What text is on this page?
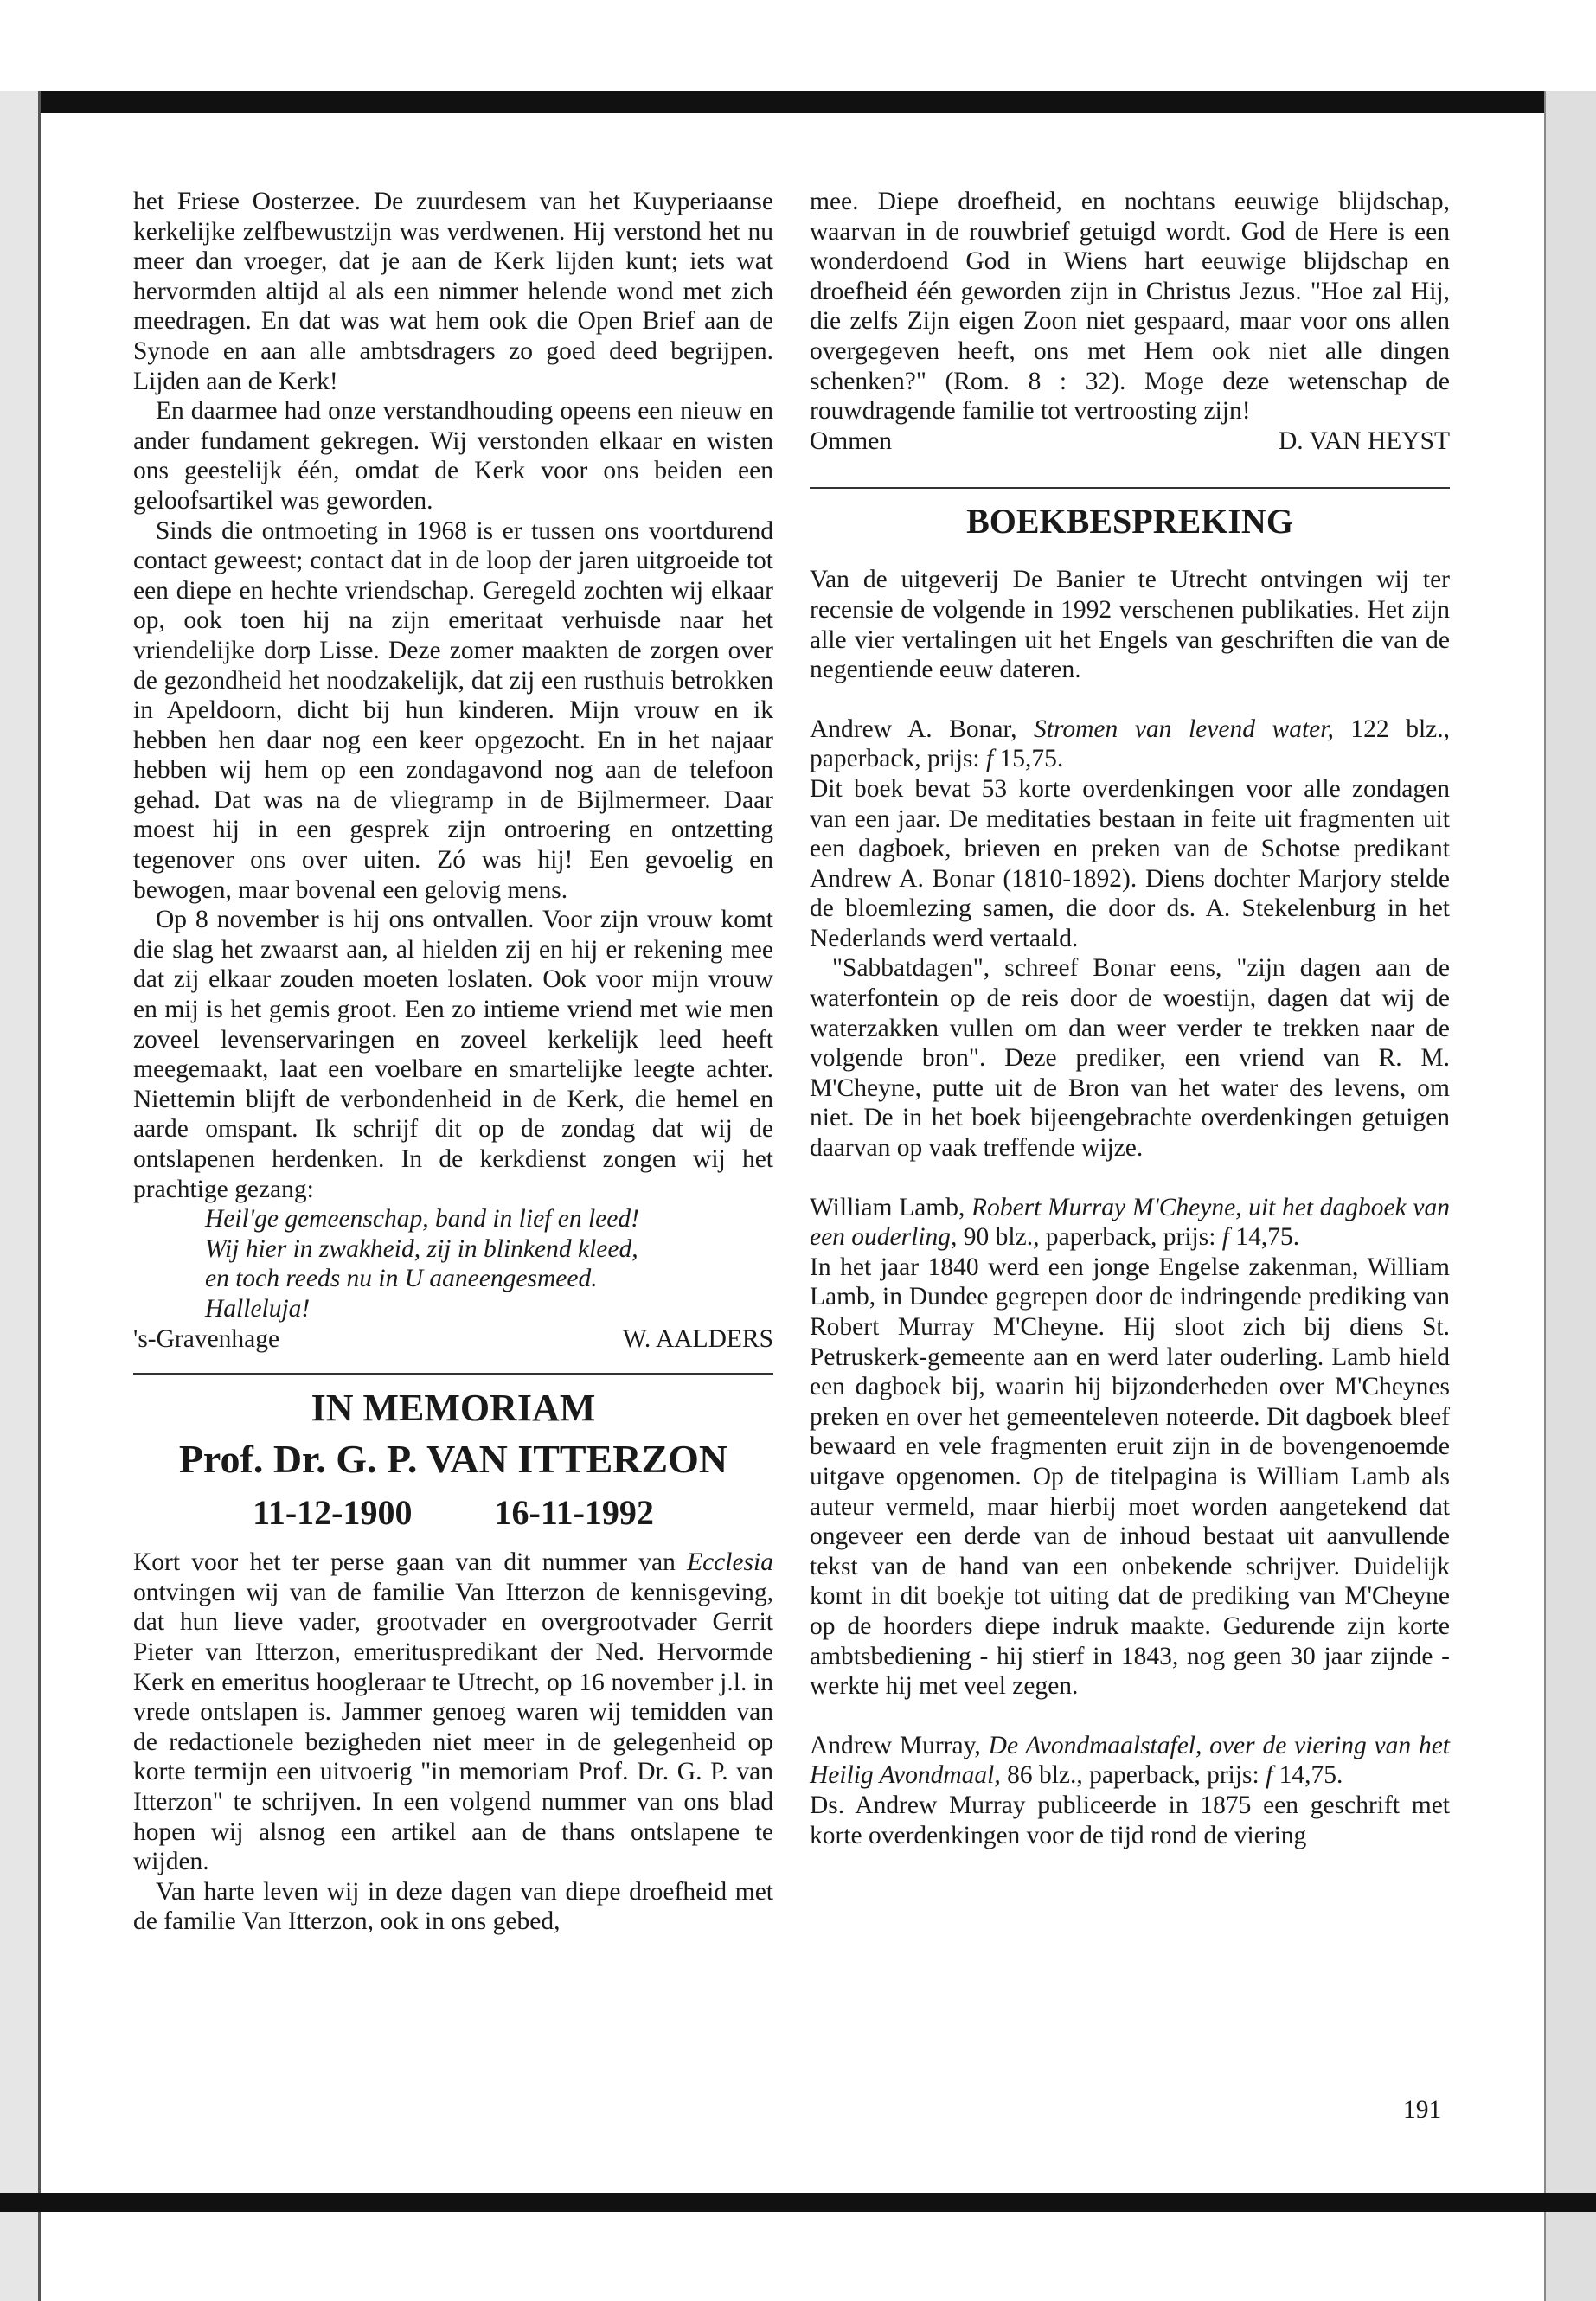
het Friese Oosterzee. De zuurdesem van het Kuyperiaanse kerkelijke zelfbewustzijn was verdwenen. Hij verstond het nu meer dan vroeger, dat je aan de Kerk lijden kunt; iets wat hervormden altijd al als een nimmer helende wond met zich meedragen. En dat was wat hem ook die Open Brief aan de Synode en aan alle ambtsdragers zo goed deed begrijpen. Lijden aan de Kerk!

En daarmee had onze verstandhouding opeens een nieuw en ander fundament gekregen. Wij verstonden elkaar en wisten ons geestelijk één, omdat de Kerk voor ons beiden een geloofsartikel was geworden.

Sinds die ontmoeting in 1968 is er tussen ons voortdurend contact geweest; contact dat in de loop der jaren uitgroeide tot een diepe en hechte vriendschap. Geregeld zochten wij elkaar op, ook toen hij na zijn emeritaat verhuisde naar het vriendelijke dorp Lisse. Deze zomer maakten de zorgen over de gezondheid het noodzakelijk, dat zij een rusthuis betrokken in Apeldoorn, dicht bij hun kinderen. Mijn vrouw en ik hebben hen daar nog een keer opgezocht. En in het najaar hebben wij hem op een zondagavond nog aan de telefoon gehad. Dat was na de vliegramp in de Bijlmermeer. Daar moest hij in een gesprek zijn ontroering en ontzetting tegenover ons over uiten. Zó was hij! Een gevoelig en bewogen, maar bovenal een gelovig mens.

Op 8 november is hij ons ontvallen. Voor zijn vrouw komt die slag het zwaarst aan, al hielden zij en hij er rekening mee dat zij elkaar zouden moeten loslaten. Ook voor mijn vrouw en mij is het gemis groot. Een zo intieme vriend met wie men zoveel levenservaringen en zoveel kerkelijk leed heeft meegemaakt, laat een voelbare en smartelijke leegte achter. Niettemin blijft de verbondenheid in de Kerk, die hemel en aarde omspant. Ik schrijf dit op de zondag dat wij de ontslapenen herdenken. In de kerkdienst zongen wij het prachtige gezang:

Heil'ge gemeenschap, band in lief en leed!

Wij hier in zwakheid, zij in blinkend kleed,

en toch reeds nu in U aaneengesmeed.

Halleluja!

's-Gravenhage	W. AALDERS
IN MEMORIAM
Prof. Dr. G. P. VAN ITTERZON
11-12-1900 16-11-1992

Kort voor het ter perse gaan van dit nummer van Ecclesia ontvingen wij van de familie Van Itterzon de kennisgeving, dat hun lieve vader, grootvader en overgrootvader Gerrit Pieter van Itterzon, emerituspredikant der Ned. Hervormde Kerk en emeritus hoogleraar te Utrecht, op 16 november j.l. in vrede ontslapen is. Jammer genoeg waren wij temidden van de redactionele bezigheden niet meer in de gelegenheid op korte termijn een uitvoerig "in memoriam Prof. Dr. G. P. van Itterzon" te schrijven. In een volgend nummer van ons blad hopen wij alsnog een artikel aan de thans ontslapene te wijden.

Van harte leven wij in deze dagen van diepe droefheid met de familie Van Itterzon, ook in ons gebed,

mee. Diepe droefheid, en nochtans eeuwige blijdschap, waarvan in de rouwbrief getuigd wordt. God de Here is een wonderdoend God in Wiens hart eeuwige blijdschap en droefheid één geworden zijn in Christus Jezus. "Hoe zal Hij, die zelfs Zijn eigen Zoon niet gespaard, maar voor ons allen overgegeven heeft, ons met Hem ook niet alle dingen schenken?" (Rom. 8 : 32). Moge deze wetenschap de rouwdragende familie tot vertroosting zijn!

Ommen	D. VAN HEYST
BOEKBESPREKING

Van de uitgeverij De Banier te Utrecht ontvingen wij ter recensie de volgende in 1992 verschenen publikaties. Het zijn alle vier vertalingen uit het Engels van geschriften die van de negentiende eeuw dateren.

Andrew A. Bonar, Stromen van levend water, 122 blz., paperback, prijs: f 15,75.

Dit boek bevat 53 korte overdenkingen voor alle zondagen van een jaar. De meditaties bestaan in feite uit fragmenten uit een dagboek, brieven en preken van de Schotse predikant Andrew A. Bonar (1810-1892). Diens dochter Marjory stelde de bloemlezing samen, die door ds. A. Stekelenburg in het Nederlands werd vertaald.

"Sabbatdagen", schreef Bonar eens, "zijn dagen aan de waterfontein op de reis door de woestijn, dagen dat wij de waterzakken vullen om dan weer verder te trekken naar de volgende bron". Deze prediker, een vriend van R. M. M'Cheyne, putte uit de Bron van het water des levens, om niet. De in het boek bijeengebrachte overdenkingen getuigen daarvan op vaak treffende wijze.

William Lamb, Robert Murray M'Cheyne, uit het dagboek van een ouderling, 90 blz., paperback, prijs: f 14,75.

In het jaar 1840 werd een jonge Engelse zakenman, William Lamb, in Dundee gegrepen door de indringende prediking van Robert Murray M'Cheyne. Hij sloot zich bij diens St. Petruskerk-gemeente aan en werd later ouderling. Lamb hield een dagboek bij, waarin hij bijzonderheden over M'Cheynes preken en over het gemeenteleven noteerde. Dit dagboek bleef bewaard en vele fragmenten eruit zijn in de bovengenoemde uitgave opgenomen. Op de titelpagina is William Lamb als auteur vermeld, maar hierbij moet worden aangetekend dat ongeveer een derde van de inhoud bestaat uit aanvullende tekst van de hand van een onbekende schrijver. Duidelijk komt in dit boekje tot uiting dat de prediking van M'Cheyne op de hoorders diepe indruk maakte. Gedurende zijn korte ambtsbediening - hij stierf in 1843, nog geen 30 jaar zijnde - werkte hij met veel zegen.

Andrew Murray, De Avondmaalstafel, over de viering van het Heilig Avondmaal, 86 blz., paperback, prijs: f 14,75.

Ds. Andrew Murray publiceerde in 1875 een geschrift met korte overdenkingen voor de tijd rond de viering

191
